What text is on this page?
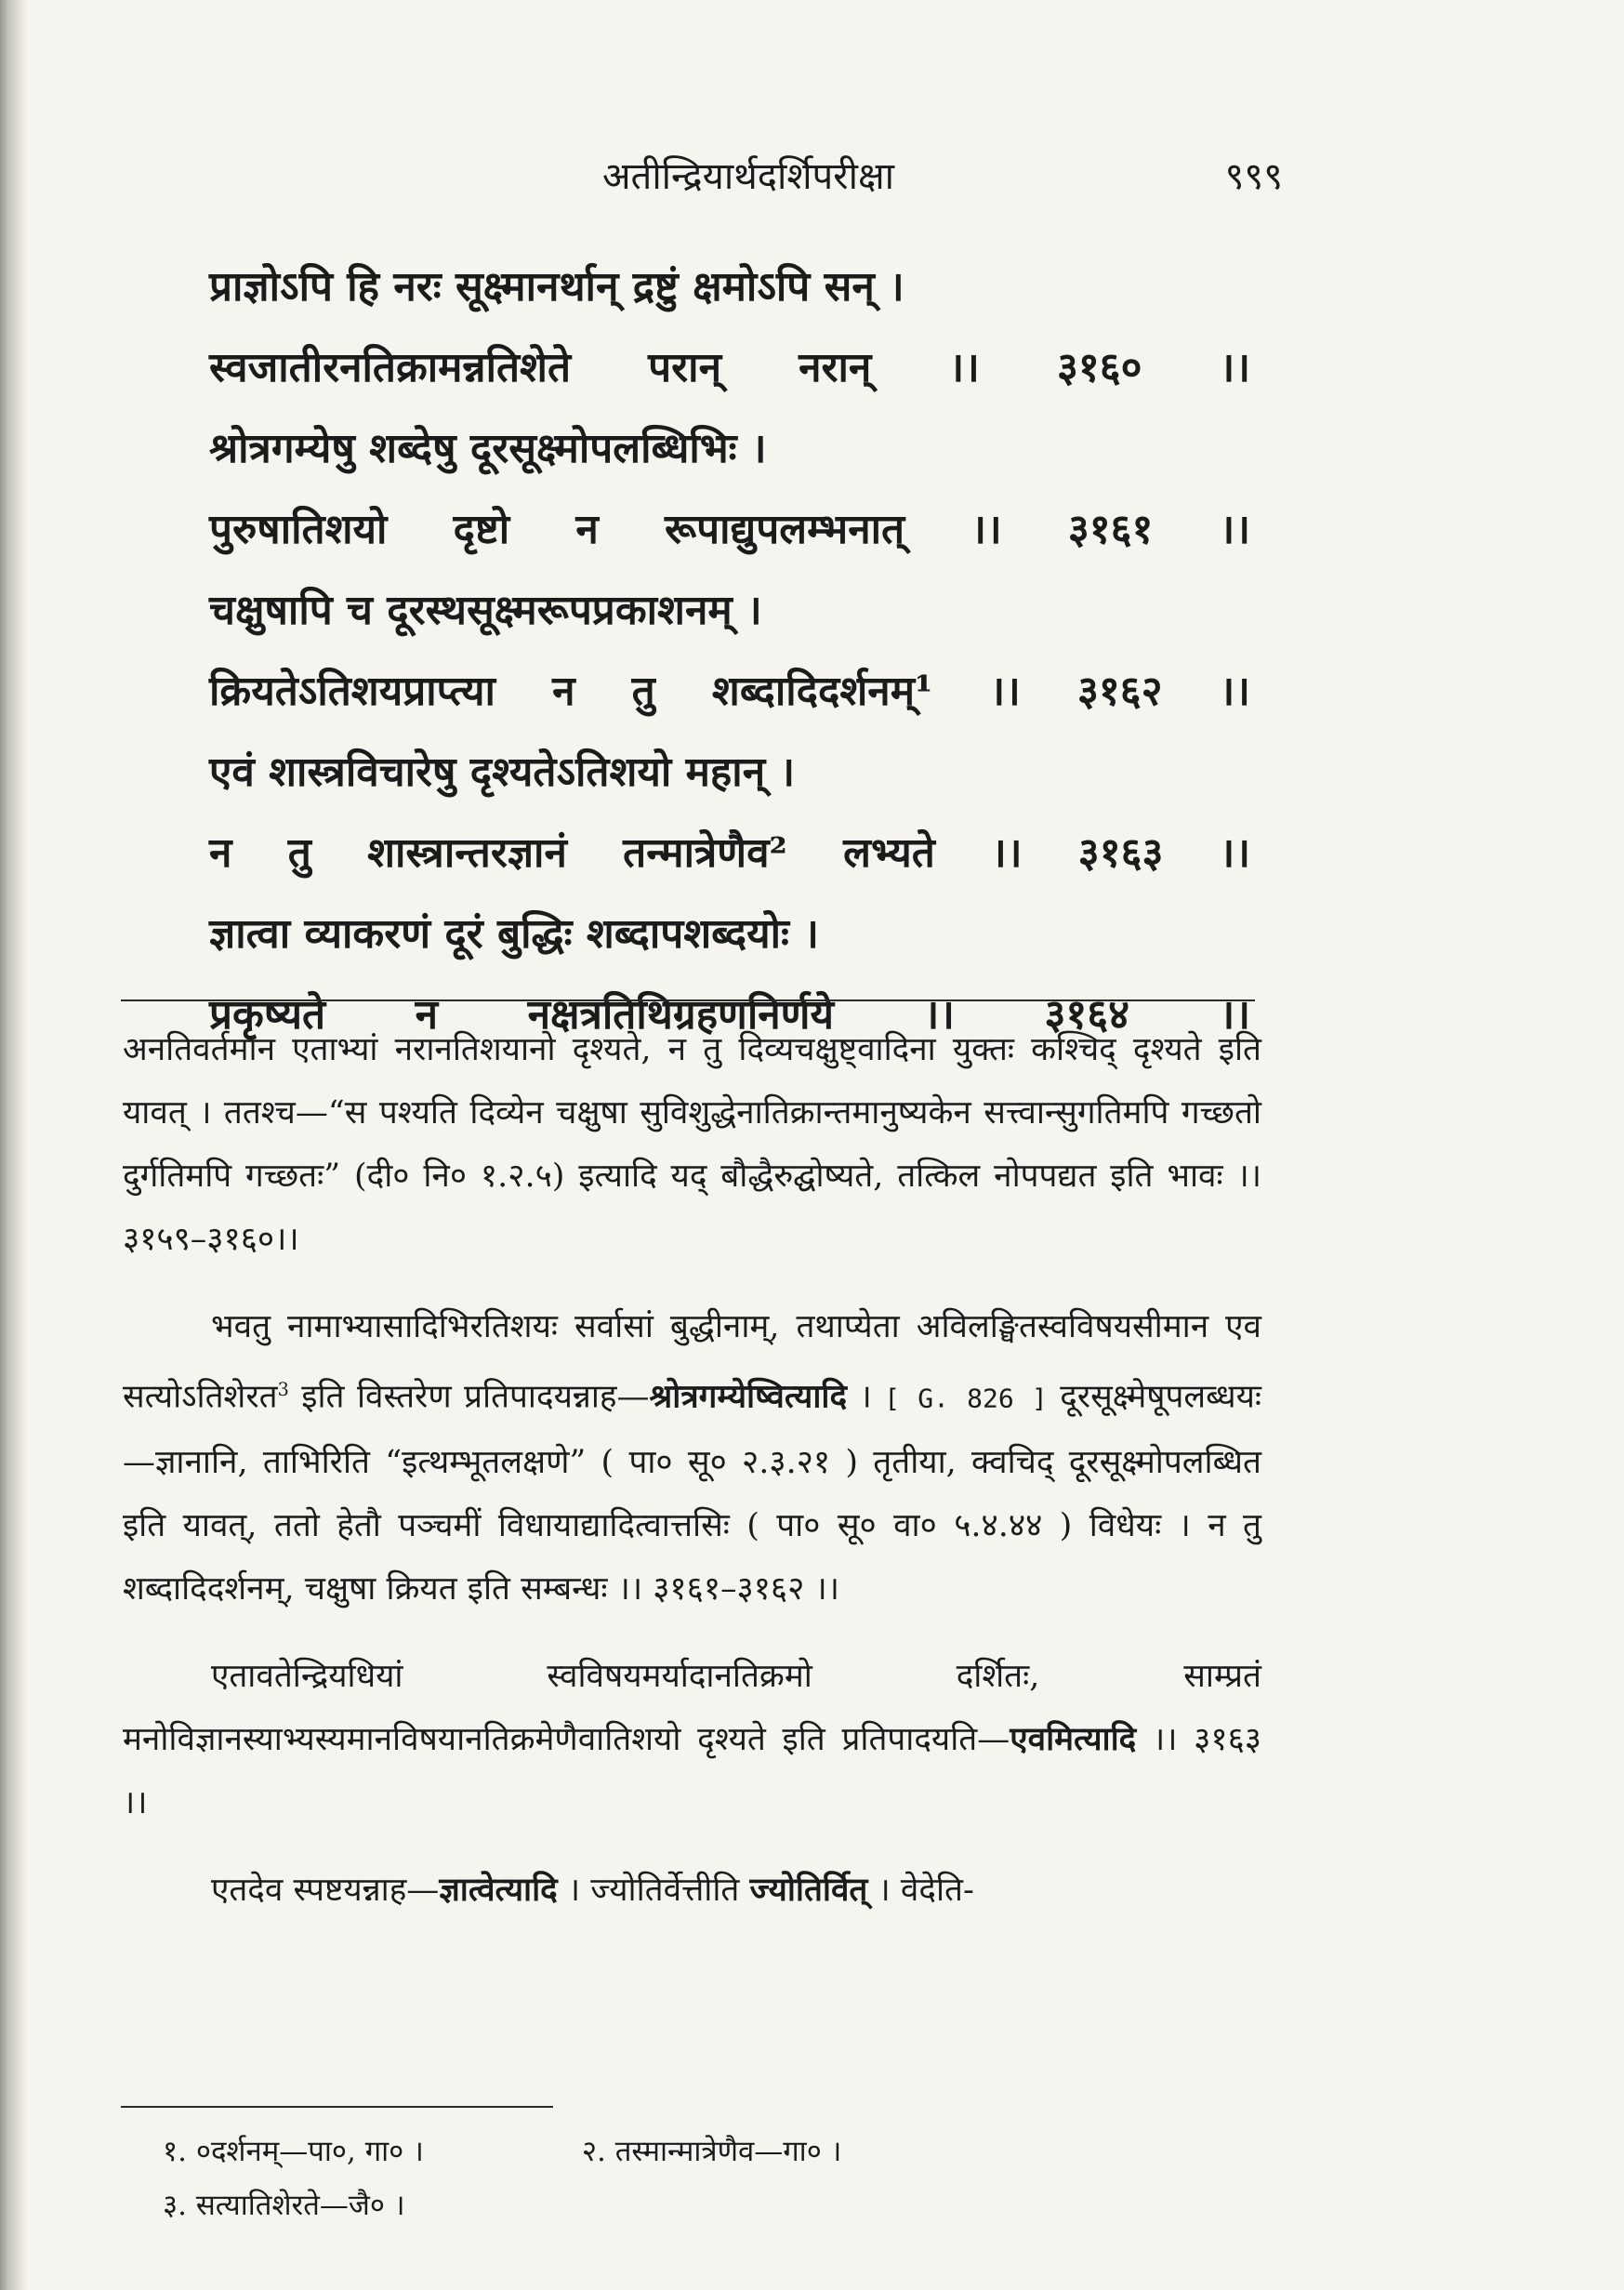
अतीन्द्रियार्थदर्शिपरीक्षा	९९९
प्राज्ञोऽपि हि नरः सूक्ष्मानर्थान् द्रष्टुं क्षमोऽपि सन् ।
स्वजातीरनतिक्रामन्नतिशेते परान् नरान् ।। ३१६० ।।
श्रोत्रगम्येषु शब्देषु दूरसूक्ष्मोपलब्धिभिः ।
पुरुषातिशयो दृष्टो न रूपाद्युपलम्भनात् ।। ३१६१ ।।
चक्षुषापि च दूरस्थसूक्ष्मरूपप्रकाशनम् ।
क्रियतेऽतिशयप्राप्त्या न तु शब्दादिदर्शनम्¹ ।। ३१६२ ।।
एवं शास्त्रविचारेषु दृश्यतेऽतिशयो महान् ।
न तु शास्त्रान्तरज्ञानं तन्मात्रेणैव² लभ्यते ।। ३१६३ ।।
ज्ञात्वा व्याकरणं दूरं बुद्धिः शब्दापशब्दयोः ।
प्रकृष्यते न नक्षत्रतिथिग्रहणनिर्णये ।। ३१६४ ।।

अनतिवर्तमान एताभ्यां नरानतिशयानो दृश्यते, न तु दिव्यचक्षुष्ट्वादिना युक्तः कश्चिद् दृश्यते इति यावत् । ततश्च—“स पश्यति दिव्येन चक्षुषा सुविशुद्धेनातिक्रान्तमानुष्यकेन सत्त्वान्सुगतिमपि गच्छतो दुर्गतिमपि गच्छतः” (दी० नि० १.२.५) इत्यादि यद् बौद्धैरुद्घोष्यते, तत्किल नोपपद्यत इति भावः ।।३१५९–३१६०।।

भवतु नामाभ्यासादिभिरतिशयः सर्वासां बुद्धीनाम्, तथाप्येता अविलङ्घितस्वविषयसीमान एव सत्योऽतिशेरत$^3$ इति विस्तरेण प्रतिपादयन्नाह—श्रोत्रगम्येष्वित्यादि । [ G. 826 ] दूरसूक्ष्मेषूपलब्धयः—ज्ञानानि, ताभिरिति “इत्थम्भूतलक्षणे” ( पा० सू० २.३.२१ ) तृतीया, क्वचिद् दूरसूक्ष्मोपलब्धित इति यावत्, ततो हेतौ पञ्चमीं विधायाद्यादित्वात्तसिः ( पा० सू० वा० ५.४.४४ ) विधेयः । न तु शब्दादिदर्शनम्, चक्षुषा क्रियत इति सम्बन्धः ।। ३१६१–३१६२ ।।

एतावतेन्द्रियधियां स्वविषयमर्यादानतिक्रमो दर्शितः, साम्प्रतं मनोविज्ञानस्याभ्यस्यमानविषयानतिक्रमेणैवातिशयो दृश्यते इति प्रतिपादयति—एवमित्यादि ।। ३१६३ ।।

एतदेव स्पष्टयन्नाह—ज्ञात्वेत्यादि । ज्योतिर्वेत्तीति ज्योतिर्वित् । वेदेति-

१. ०दर्शनम्—पा०, गा० ।	२. तस्मान्मात्रेणैव—गा० ।
३. सत्यातिशेरते—जै० ।
